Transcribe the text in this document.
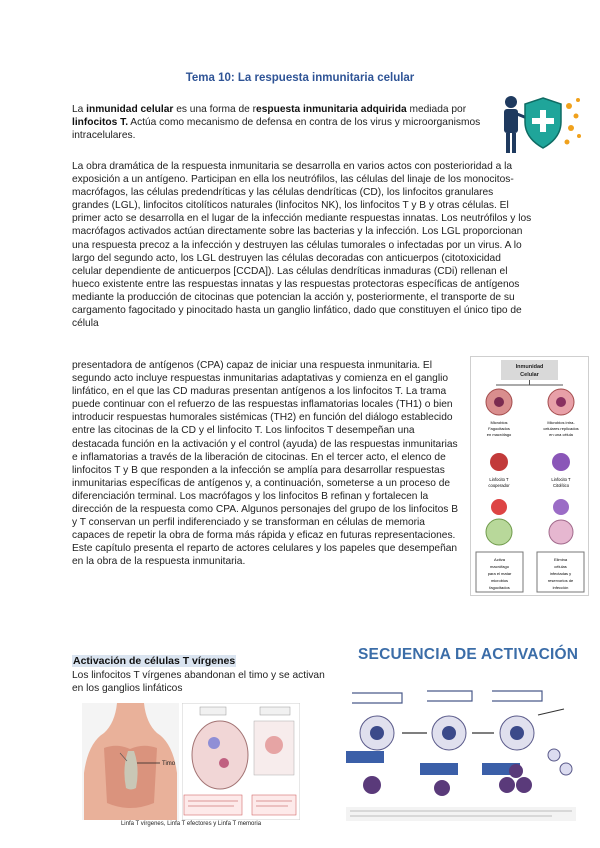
Tema 10: La respuesta inmunitaria celular

La inmunidad celular es una forma de respuesta inmunitaria adquirida mediada por linfocitos T. Actúa como mecanismo de defensa en contra de los virus y microorganismos intracelulares.

La obra dramática de la respuesta inmunitaria se desarrolla en varios actos con posterioridad a la exposición a un antígeno. Participan en ella los neutrófilos, las células del linaje de los monocitos-macrófagos, las células predendríticas y las células dendríticas (CD), los linfocitos granulares grandes (LGL), linfocitos citolíticos naturales (linfocitos NK), los linfocitos T y B y otras células. El primer acto se desarrolla en el lugar de la infección mediante respuestas innatas. Los neutrófilos y los macrófagos activados actúan directamente sobre las bacterias y la infección. Los LGL proporcionan una respuesta precoz a la infección y destruyen las células tumorales o infectadas por un virus. A lo largo del segundo acto, los LGL destruyen las células decoradas con anticuerpos (citotoxicidad celular dependiente de anticuerpos [CCDA]). Las células dendríticas inmaduras (CDi) rellenan el hueco existente entre las respuestas innatas y las respuestas protectoras específicas de antígenos mediante la producción de citocinas que potencian la acción y, posteriormente, el transporte de su cargamento fagocitado y pinocitado hasta un ganglio linfático, dado que constituyen el único tipo de célula

presentadora de antígenos (CPA) capaz de iniciar una respuesta inmunitaria. El segundo acto incluye respuestas inmunitarias adaptativas y comienza en el ganglio linfático, en el que las CD maduras presentan antígenos a los linfocitos T. La trama puede continuar con el refuerzo de las respuestas inflamatorias locales (TH1) o bien introducir respuestas humorales sistémicas (TH2) en función del diálogo establecido entre las citocinas de la CD y el linfocito T. Los linfocitos T desempeñan una destacada función en la activación y el control (ayuda) de las respuestas inmunitarias e inflamatorias a través de la liberación de citocinas. En el tercer acto, el elenco de linfocitos T y B que responden a la infección se amplía para desarrollar respuestas inmunitarias específicas de antígenos y, a continuación, someterse a un proceso de diferenciación terminal. Los macrófagos y los linfocitos B refinan y fortalecen la dirección de la respuesta como CPA. Algunos personajes del grupo de los linfocitos B y T conservan un perfil indiferenciado y se transforman en células de memoria capaces de repetir la obra de forma más rápida y eficaz en futuras representaciones. Este capítulo presenta el reparto de actores celulares y los papeles que desempeñan en la obra de la respuesta inmunitaria.

Inmunidad
Celular
Microbios
Fagocitados
en macrófago
Microbios intra-
celulares replicados
en una célula
Linfocito T
cooperador
Linfocito T
Citolítico
Activa
macrófago
para el matar
microbios
fagocitados
Elimina
células
infectadas y
reservorios de
infección
Activación de células T vírgenes

Los linfocitos T vírgenes abandonan el timo y se activan en los ganglios linfáticos

SECUENCIA DE ACTIVACIÓN
Timo
Linfa T vírgenes, Linfa T efectores y Linfa T memoria
